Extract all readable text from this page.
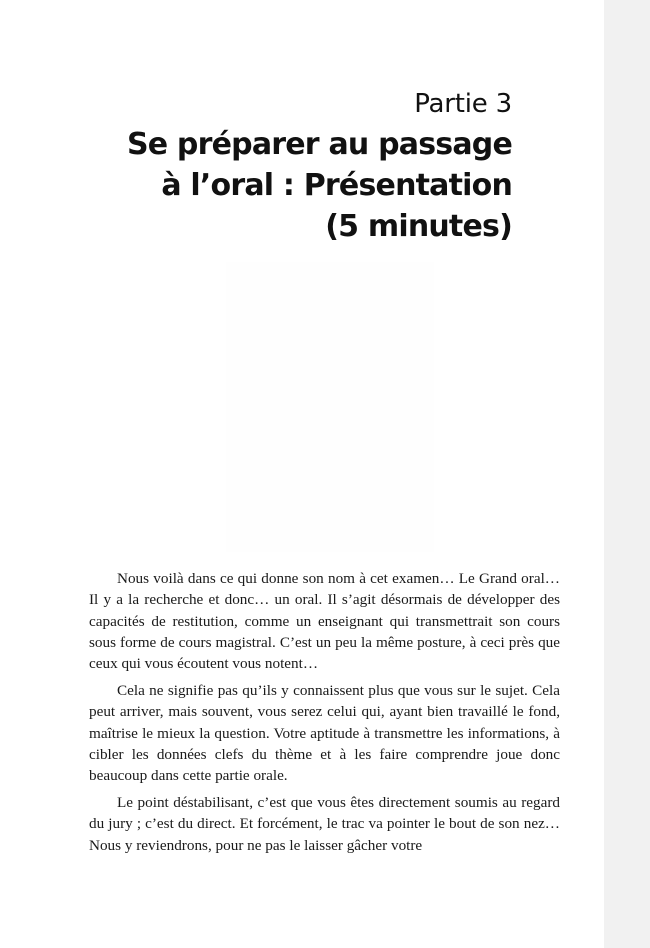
Partie 3
Se préparer au passage
à l’oral : Présentation
(5 minutes)

Nous voilà dans ce qui donne son nom à cet examen… Le Grand oral… Il y a la recherche et donc… un oral. Il s’agit désormais de développer des capacités de restitution, comme un enseignant qui transmettrait son cours sous forme de cours magistral. C’est un peu la même posture, à ceci près que ceux qui vous écoutent vous notent…

Cela ne signifie pas qu’ils y connaissent plus que vous sur le sujet. Cela peut arriver, mais souvent, vous serez celui qui, ayant bien travaillé le fond, maîtrise le mieux la question. Votre aptitude à transmettre les informations, à cibler les données clefs du thème et à les faire comprendre joue donc beaucoup dans cette partie orale.

Le point déstabilisant, c’est que vous êtes directement soumis au regard du jury ; c’est du direct. Et forcément, le trac va pointer le bout de son nez… Nous y reviendrons, pour ne pas le laisser gâcher votre
